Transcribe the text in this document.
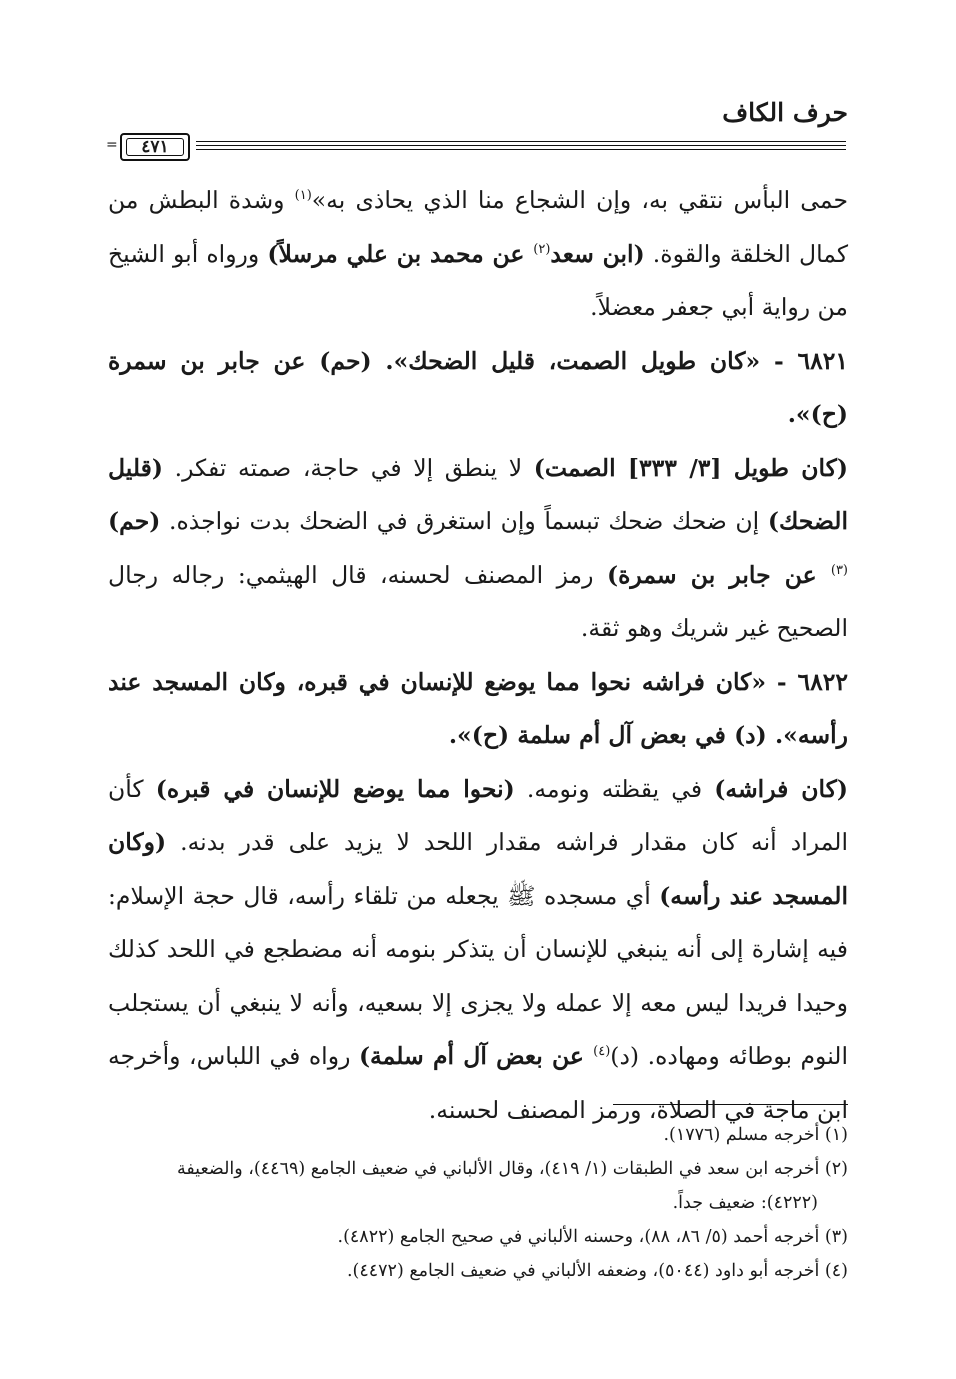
حرف الكاف
=	٤٧١

حمى البأس نتقي به، وإن الشجاع منا الذي يحاذى به»$^{(١)}$ وشدة البطش من كمال الخلقة والقوة. (ابن سعد$^{(٢)}$ عن محمد بن علي مرسلاً) ورواه أبو الشيخ من رواية أبي جعفر معضلاً.

٦٨٢١ - «كان طويل الصمت، قليل الضحك». (حم) عن جابر بن سمرة (ح)».

(كان طويل [٣/ ٣٣٣] الصمت) لا ينطق إلا في حاجة، صمته تفكر. (قليل الضحك) إن ضحك ضحك تبسماً وإن استغرق في الضحك بدت نواجذه. (حم)$^{(٣)}$ عن جابر بن سمرة) رمز المصنف لحسنه، قال الهيثمي: رجاله رجال الصحيح غير شريك وهو ثقة.

٦٨٢٢ - «كان فراشه نحوا مما يوضع للإنسان في قبره، وكان المسجد عند رأسه». (د) في بعض آل أم سلمة (ح)».

(كان فراشه) في يقظته ونومه. (نحوا مما يوضع للإنسان في قبره) كأن المراد أنه كان مقدار فراشه مقدار اللحد لا يزيد على قدر بدنه. (وكان المسجد عند رأسه) أي مسجده ﷺ يجعله من تلقاء رأسه، قال حجة الإسلام: فيه إشارة إلى أنه ينبغي للإنسان أن يتذكر بنومه أنه مضطجع في اللحد كذلك وحيدا فريدا ليس معه إلا عمله ولا يجزى إلا بسعيه، وأنه لا ينبغي أن يستجلب النوم بوطائه ومهاده. (د)$^{(٤)}$ عن بعض آل أم سلمة) رواه في اللباس، وأخرجه ابن ماجة في الصلاة، ورمز المصنف لحسنه.

(١) أخرجه مسلم (١٧٧٦).

(٢) أخرجه ابن سعد في الطبقات (١/ ٤١٩)، وقال الألباني في ضعيف الجامع (٤٤٦٩)، والضعيفة

(٤٢٢٢): ضعيف جداً.

(٣) أخرجه أحمد (٥/ ٨٦، ٨٨)، وحسنه الألباني في صحيح الجامع (٤٨٢٢).

(٤) أخرجه أبو داود (٥٠٤٤)، وضعفه الألباني في ضعيف الجامع (٤٤٧٢).
